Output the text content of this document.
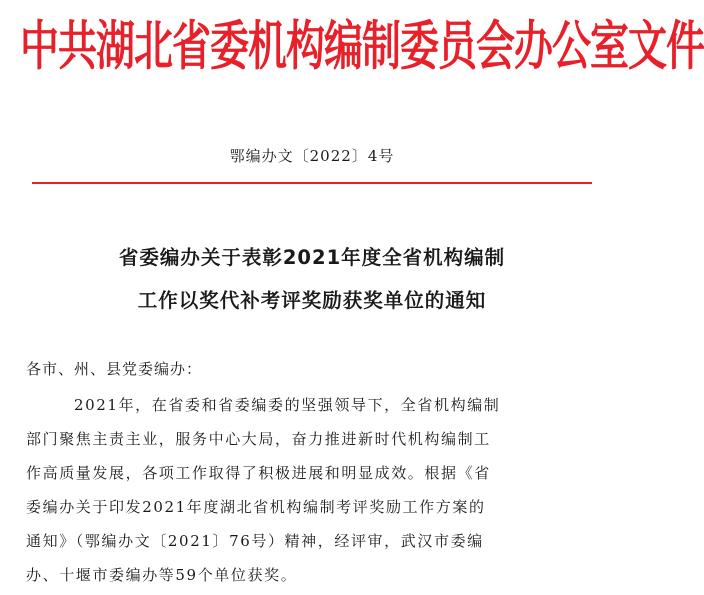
中共湖北省委机构编制委员会办公室文件
鄂编办文〔2022〕4号
省委编办关于表彰2021年度全省机构编制
工作以奖代补考评奖励获奖单位的通知
各市、州、县党委编办：
2021年，在省委和省委编委的坚强领导下，全省机构编制
部门聚焦主责主业，服务中心大局，奋力推进新时代机构编制工
作高质量发展，各项工作取得了积极进展和明显成效。根据《省
委编办关于印发2021年度湖北省机构编制考评奖励工作方案的
通知》（鄂编办文〔2021〕76号）精神，经评审，武汉市委编
办、十堰市委编办等59个单位获奖。
